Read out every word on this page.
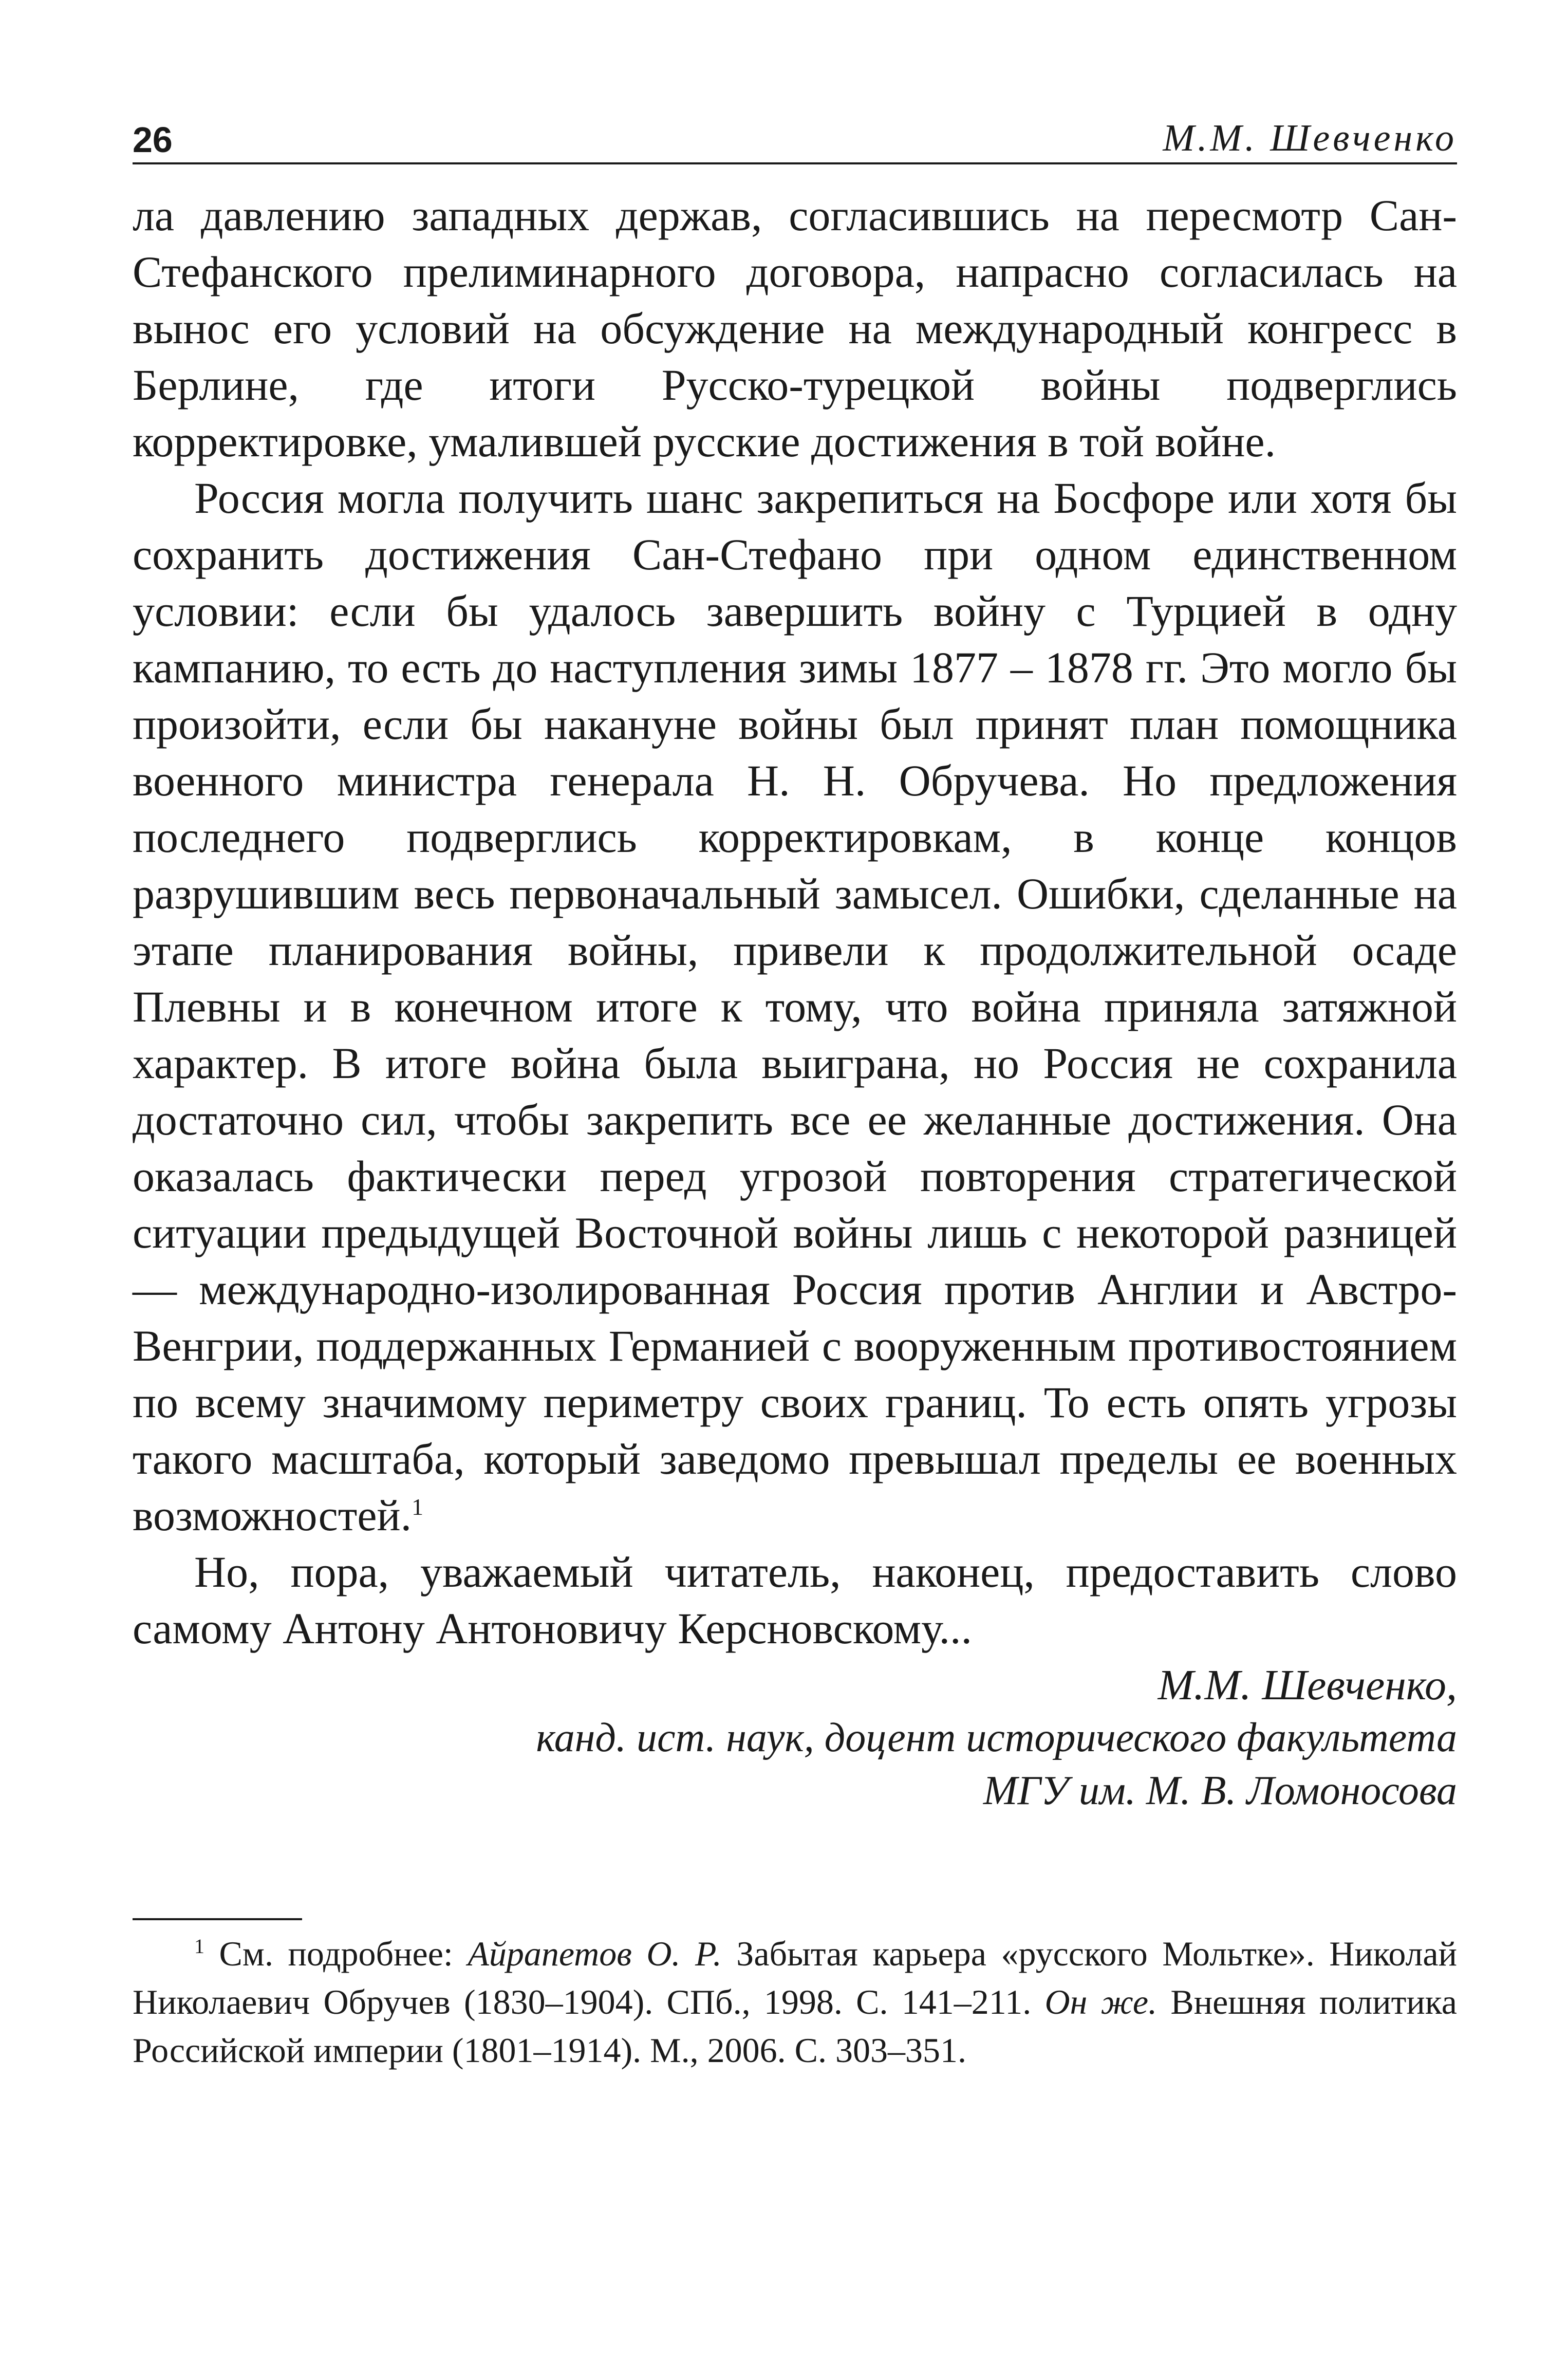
26	М.М. Шевченко

ла давлению западных держав, согласившись на пересмотр Сан-Стефанского прелиминарного договора, напрасно согласилась на вынос его условий на обсуждение на международный конгресс в Берлине, где итоги Русско-турецкой войны подверглись корректировке, умалившей русские достижения в той войне.

Россия могла получить шанс закрепиться на Босфоре или хотя бы сохранить достижения Сан-Стефано при одном единственном условии: если бы удалось завершить войну с Турцией в одну кампанию, то есть до наступления зимы 1877 – 1878 гг. Это могло бы произойти, если бы накануне войны был принят план помощника военного министра генерала Н. Н. Обручева. Но предложения последнего подверглись корректировкам, в конце концов разрушившим весь первоначальный замысел. Ошибки, сделанные на этапе планирования войны, привели к продолжительной осаде Плевны и в конечном итоге к тому, что война приняла затяжной характер. В итоге война была выиграна, но Россия не сохранила достаточно сил, чтобы закрепить все ее желанные достижения. Она оказалась фактически перед угрозой повторения стратегической ситуации предыдущей Восточной войны лишь с некоторой разницей — международно-изолированная Россия против Англии и Австро-Венгрии, поддержанных Германией с вооруженным противостоянием по всему значимому периметру своих границ. То есть опять угрозы такого масштаба, который заведомо превышал пределы ее военных возможностей.$^1$

Но, пора, уважаемый читатель, наконец, предоставить слово самому Антону Антоновичу Керсновскому...

М.М. Шевченко,
канд. ист. наук, доцент исторического факультета
МГУ им. М. В. Ломоносова
$^1$ См. подробнее: Айрапетов О. Р. Забытая карьера «русского Мольтке». Николай Николаевич Обручев (1830–1904). СПб., 1998. С. 141–211. Он же. Внешняя политика Российской империи (1801–1914). М., 2006. С. 303–351.
